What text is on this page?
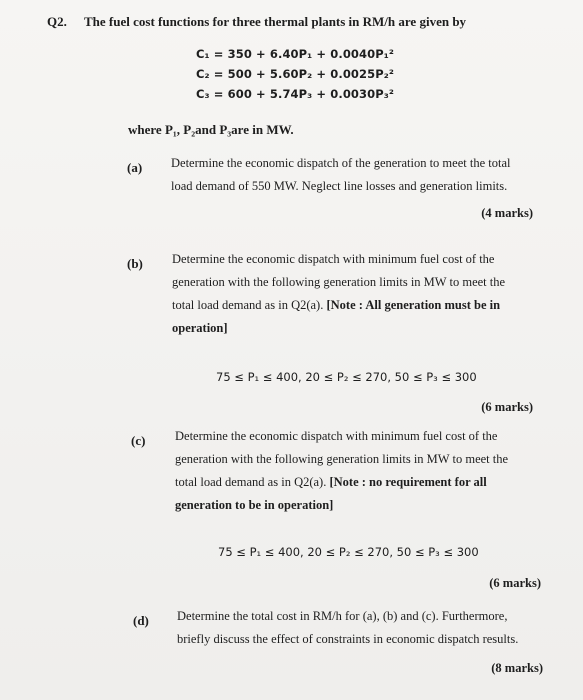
Q2. The fuel cost functions for three thermal plants in RM/h are given by
C₁ = 350 + 6.40P₁ + 0.0040P₁²
C₂ = 500 + 5.60P₂ + 0.0025P₂²
C₃ = 600 + 5.74P₃ + 0.0030P₃²
where P₁, P₂and P₃are in MW.
(a) Determine the economic dispatch of the generation to meet the total
load demand of 550 MW. Neglect line losses and generation limits.
(4 marks)
(b) Determine the economic dispatch with minimum fuel cost of the
generation with the following generation limits in MW to meet the
total load demand as in Q2(a). [Note : All generation must be in
operation]
75 ≤ P₁ ≤ 400, 20 ≤ P₂ ≤ 270, 50 ≤ P₃ ≤ 300
(6 marks)
(c) Determine the economic dispatch with minimum fuel cost of the
generation with the following generation limits in MW to meet the
total load demand as in Q2(a). [Note : no requirement for all
generation to be in operation]
75 ≤ P₁ ≤ 400, 20 ≤ P₂ ≤ 270, 50 ≤ P₃ ≤ 300
(6 marks)
(d) Determine the total cost in RM/h for (a), (b) and (c). Furthermore,
briefly discuss the effect of constraints in economic dispatch results.
(8 marks)
